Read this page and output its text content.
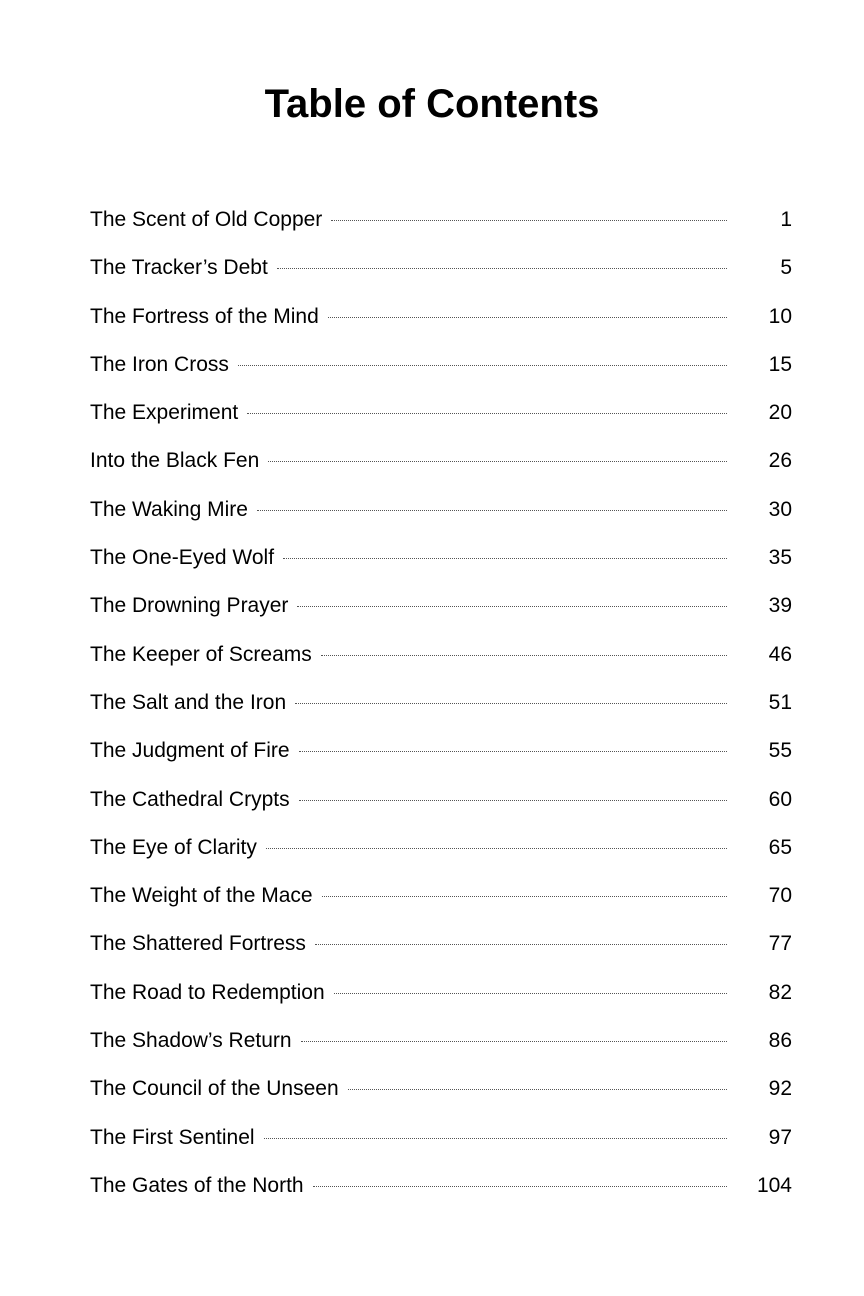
Table of Contents
The Scent of Old Copper	1
The Tracker’s Debt	5
The Fortress of the Mind	10
The Iron Cross	15
The Experiment	20
Into the Black Fen	26
The Waking Mire	30
The One-Eyed Wolf	35
The Drowning Prayer	39
The Keeper of Screams	46
The Salt and the Iron	51
The Judgment of Fire	55
The Cathedral Crypts	60
The Eye of Clarity	65
The Weight of the Mace	70
The Shattered Fortress	77
The Road to Redemption	82
The Shadow’s Return	86
The Council of the Unseen	92
The First Sentinel	97
The Gates of the North	104
